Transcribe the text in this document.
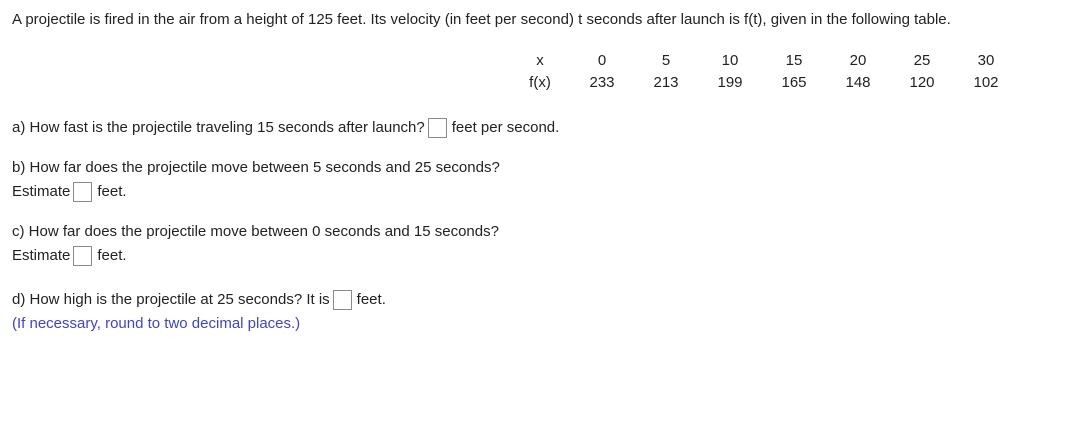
A projectile is fired in the air from a height of 125 feet. Its velocity (in feet per second) t seconds after launch is f(t), given in the following table.
x	0	5	10	15	20	25	30
f(x)	233	213	199	165	148	120	102
a) How fast is the projectile traveling 15 seconds after launch? feet per second.
b) How far does the projectile move between 5 seconds and 25 seconds?
Estimate feet.
c) How far does the projectile move between 0 seconds and 15 seconds?
Estimate feet.
d) How high is the projectile at 25 seconds? It is feet.
(If necessary, round to two decimal places.)
